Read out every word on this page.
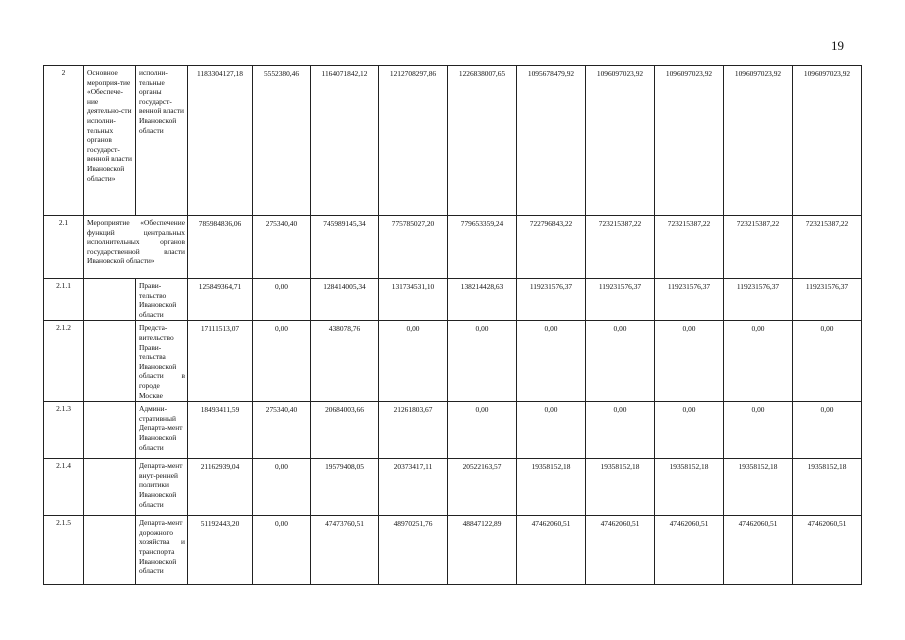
19
2	Основное мероприя-тие «Обеспече-ние деятельно-сти исполни-тельных органов государст-венной власти Ивановской области»	исполни-тельные органы государст-венной власти Ивановской области	1183304127,18	5552380,46	1164071842,12	1212708297,86	1226838007,65	1095678479,92	1096097023,92	1096097023,92	1096097023,92	1096097023,92
2.1	Мероприятие «Обеспечение функций центральных исполнительных органов государственной власти Ивановской области»		785984836,06	275340,40	745989145,34	775785027,20	779653359,24	722796843,22	723215387,22	723215387,22	723215387,22	723215387,22
2.1.1		Прави-тельство Ивановской области	125849364,71	0,00	128414005,34	131734531,10	138214428,63	119231576,37	119231576,37	119231576,37	119231576,37	119231576,37
2.1.2		Предста-вительство Прави-тельства Ивановской области в городе Москве	17111513,07	0,00	438078,76	0,00	0,00	0,00	0,00	0,00	0,00	0,00
2.1.3		Админи-стративный Департа-мент Ивановской области	18493411,59	275340,40	20684003,66	21261803,67	0,00	0,00	0,00	0,00	0,00	0,00
2.1.4		Департа-мент внут-ренней политики Ивановской области	21162939,04	0,00	19579408,05	20373417,11	20522163,57	19358152,18	19358152,18	19358152,18	19358152,18	19358152,18
2.1.5		Департа-мент дорожного хозяйства и транспорта Ивановской области	51192443,20	0,00	47473760,51	48970251,76	48847122,89	47462060,51	47462060,51	47462060,51	47462060,51	47462060,51
